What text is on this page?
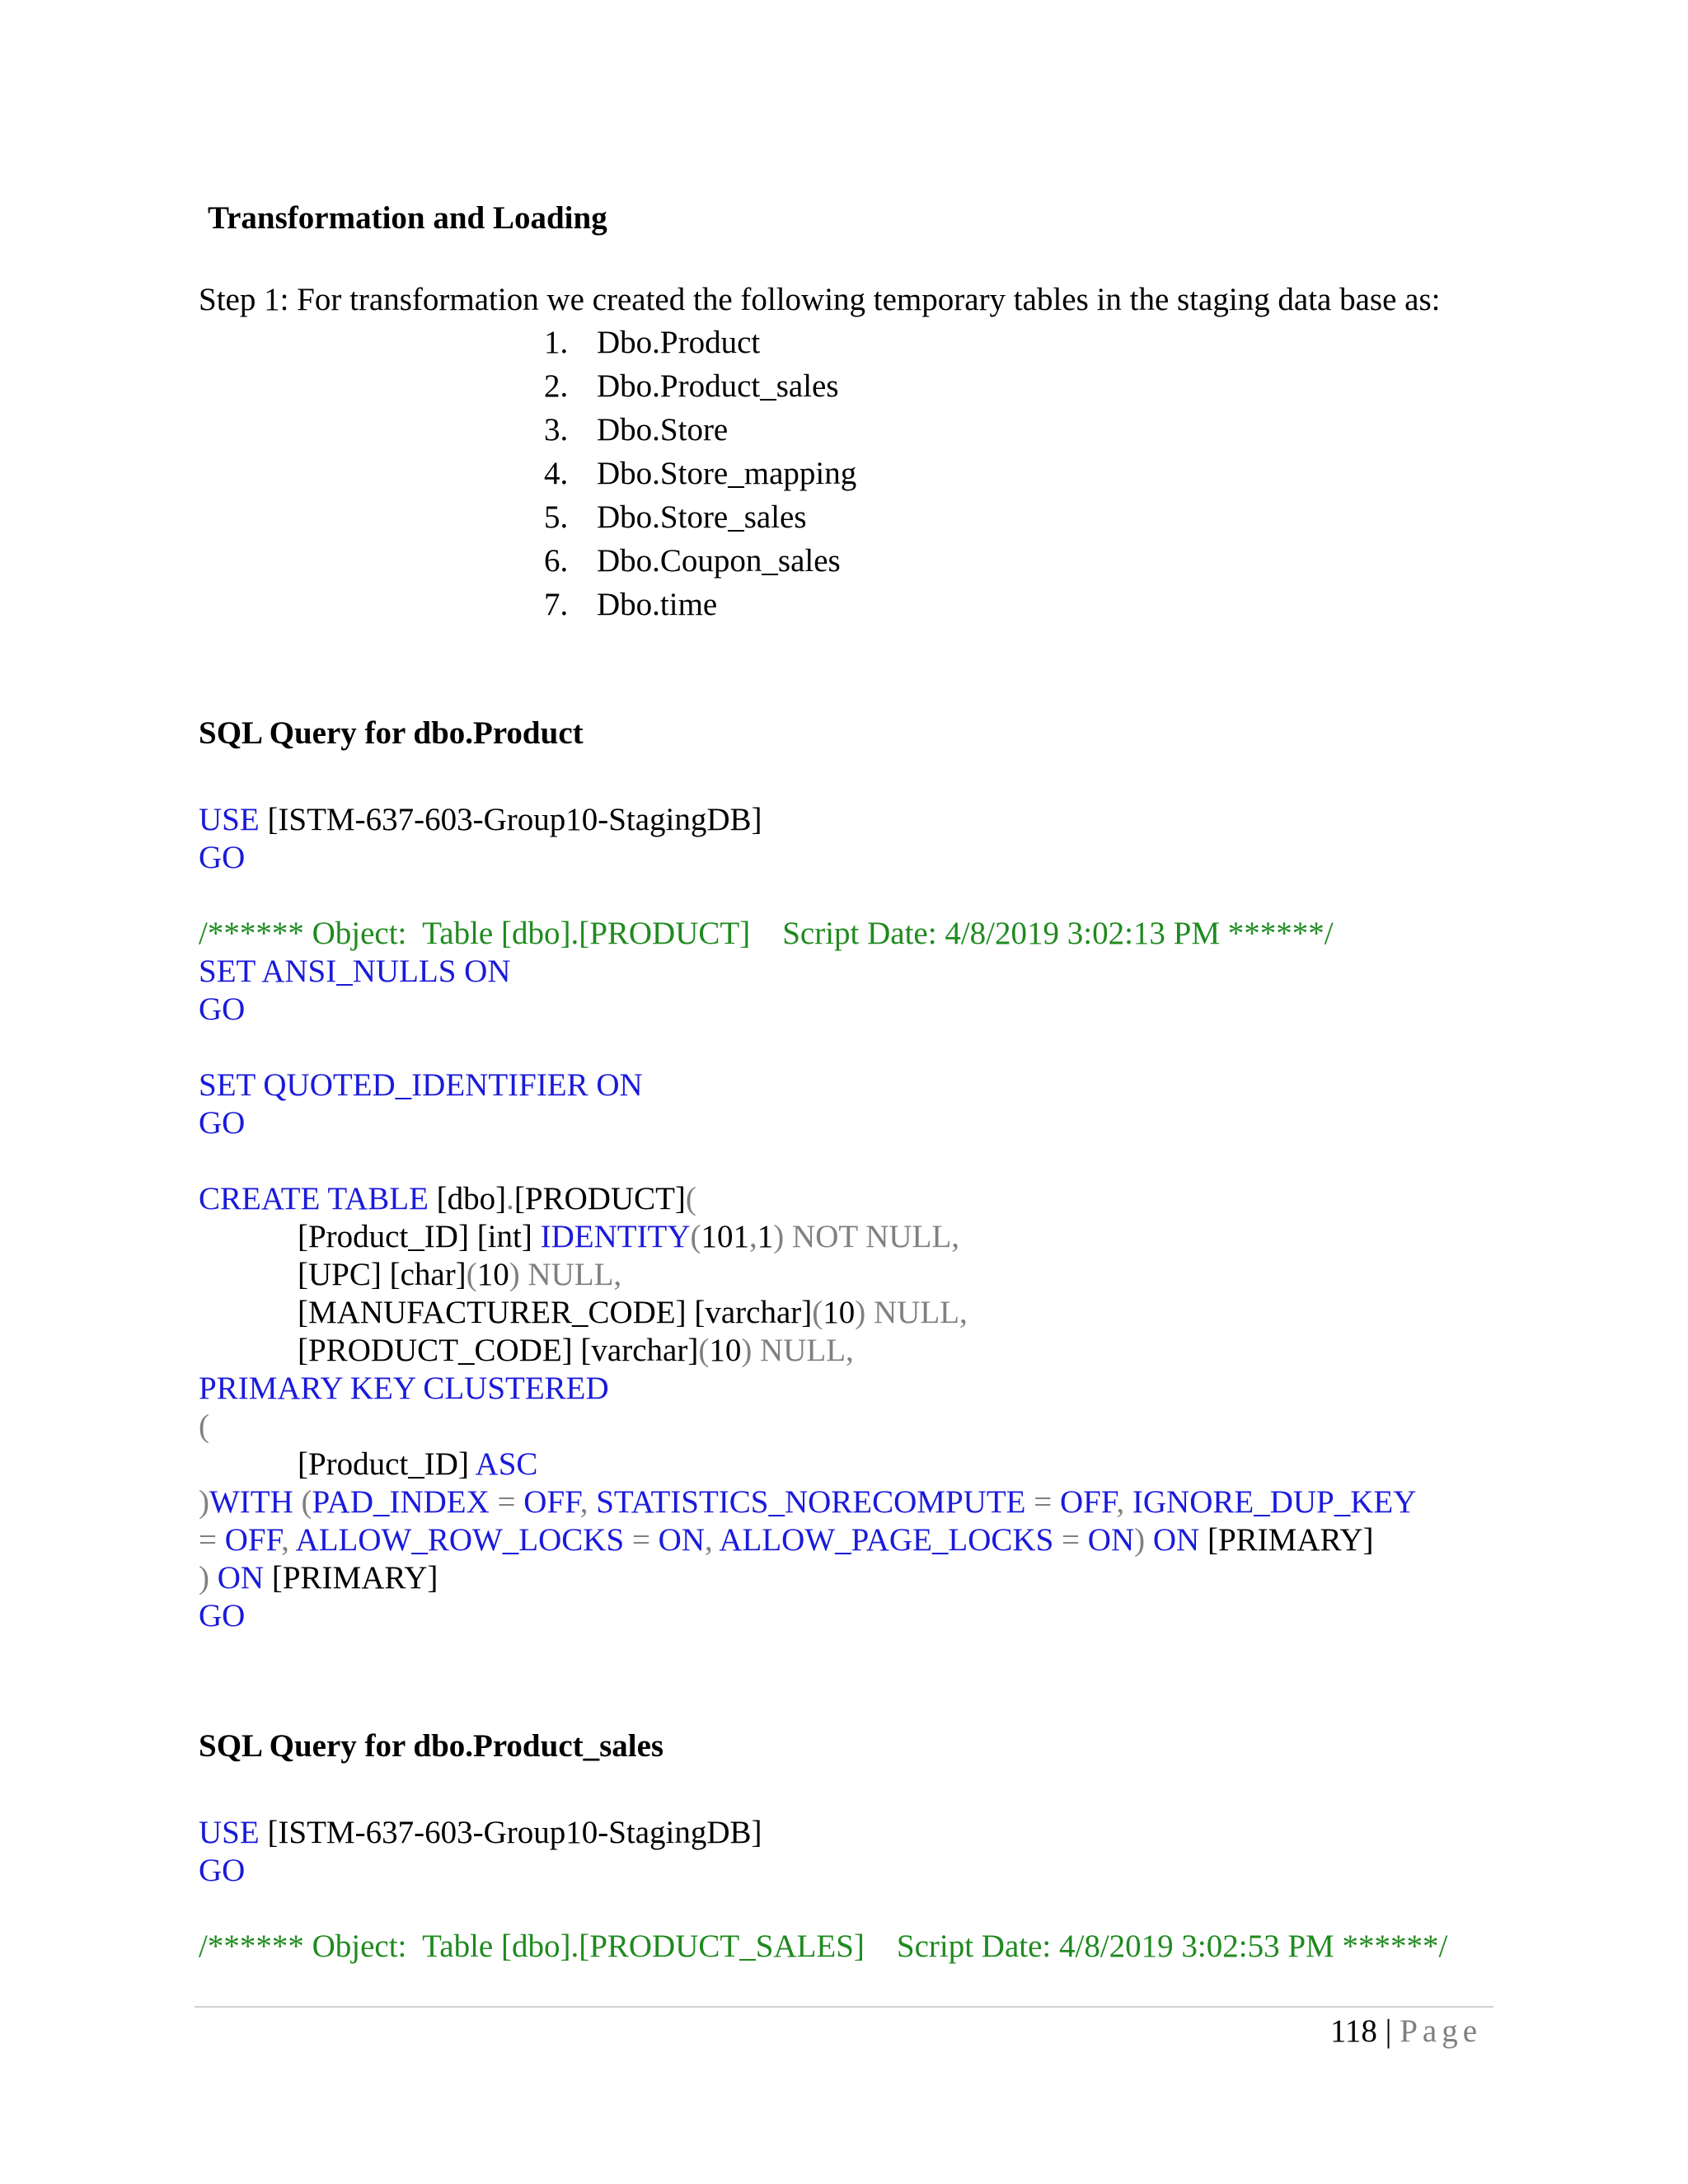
Transformation and Loading
Step 1: For transformation we created the following temporary tables in the staging data base as:
1. Dbo.Product
2. Dbo.Product_sales
3. Dbo.Store
4. Dbo.Store_mapping
5. Dbo.Store_sales
6. Dbo.Coupon_sales
7. Dbo.time
SQL Query for dbo.Product
USE [ISTM-637-603-Group10-StagingDB]
GO
/****** Object:  Table [dbo].[PRODUCT]    Script Date: 4/8/2019 3:02:13 PM ******/
SET ANSI_NULLS ON
GO
SET QUOTED_IDENTIFIER ON
GO
CREATE TABLE [dbo].[PRODUCT](
[Product_ID] [int] IDENTITY(101,1) NOT NULL,
[UPC] [char](10) NULL,
[MANUFACTURER_CODE] [varchar](10) NULL,
[PRODUCT_CODE] [varchar](10) NULL,
PRIMARY KEY CLUSTERED
(
[Product_ID] ASC
)WITH (PAD_INDEX = OFF, STATISTICS_NORECOMPUTE = OFF, IGNORE_DUP_KEY
= OFF, ALLOW_ROW_LOCKS = ON, ALLOW_PAGE_LOCKS = ON) ON [PRIMARY]
) ON [PRIMARY]
GO
SQL Query for dbo.Product_sales
USE [ISTM-637-603-Group10-StagingDB]
GO
/****** Object:  Table [dbo].[PRODUCT_SALES]    Script Date: 4/8/2019 3:02:53 PM ******/
118 | Page
